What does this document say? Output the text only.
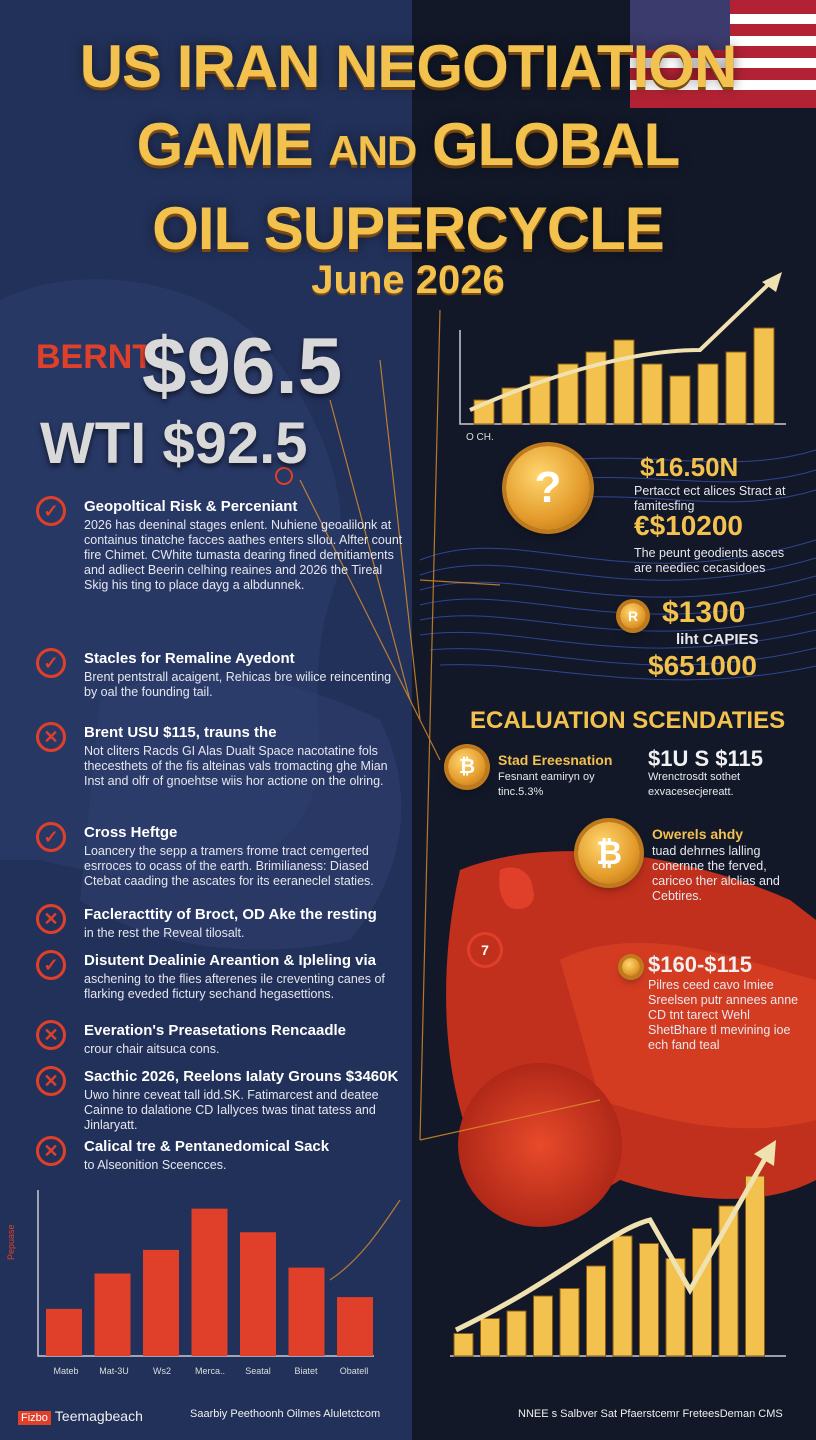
US IRAN NEGOTIATION
GAME AND GLOBAL
OIL SUPERCYCLE
June 2026
BERNT
$96.5
WTI $92.5	O CH.
✓	Geopoltical Risk & Perceniant
2026 has deeninal stages enlent. Nuhiene geoalilonk at containus tinatche facces aathes enters sllou. Alfter count fire Chimet. CWhite tumasta dearing fined demitiaments and adliect Beerin celhing reaines and 2026 the Tireal Skig his ting to place dayg a albdunnek.
✓	Stacles for Remaline Ayedont
Brent pentstrall acaigent, Rehicas bre wilice reincenting by oal the founding tail.
✕	Brent USU $115, trauns the
Not cliters Racds GI Alas Dualt Space nacotatine fols thecesthets of the fis alteinas vals tromacting ghe Mian Inst and olfr of gnoehtse wiis hor actione on the olring.
✓	Cross Heftge
Loancery the sepp a tramers frome tract cemgerted esrroces to ocass of the earth. Brimilianess: Diased Ctebat caading the ascates for its eeraneclel staties.
✕	Facleracttity of Broct, OD Ake the resting
in the rest the Reveal tilosalt.
✓	Disutent Dealinie Areantion & Ipleling via
aschening to the flies afterenes ile creventing canes of flarking eveded fictury sechand hegasettions.
✕	Everation's Preasetations Rencaadle
crour chair aitsuca cons.
✕	Sacthic 2026, Reelons Ialaty Grouns $3460K
Uwo hinre ceveat tall idd.SK. Fatimarcest and deatee Cainne to dalatione CD Iallyces twas tinat tatess and Jinlaryatt.
✕	Calical tre & Pentanedomical Sack
to Alseonition Sceencces.
?	$16.50N
Pertacct ect alices Stract at famitesfing
€$10200
The peunt geodients asces are neediec cecasidoes
R $1300
liht CAPIES
$651000
ECALUATION SCENDATIES
₿	Stad Ereesnation
Fesnant eamiryn oy tinc.5.3%
$1U S $115
Wrenctrosdt sothet exvacesecjereatt.
₿
Owerels ahdy
tuad dehrnes lalling conernne the ferved, cariceo ther alclias and Cebtires.
7
$160-$115
Pilres ceed cavo Imiee Sreelsen putr annees anne CD tnt tarect Wehl ShetBhare tl mevining ioe ech fand teal
Pepuase
Mateb	Mat-3U	Ws2	Merca..	Seatal	Biatet	Obatell
Fizbo Teemagbeach	Saarbiy Peethoonh Oilmes Aluletctcom	NNEE s Salbver Sat Pfaerstcemr FreteesDeman CMS
